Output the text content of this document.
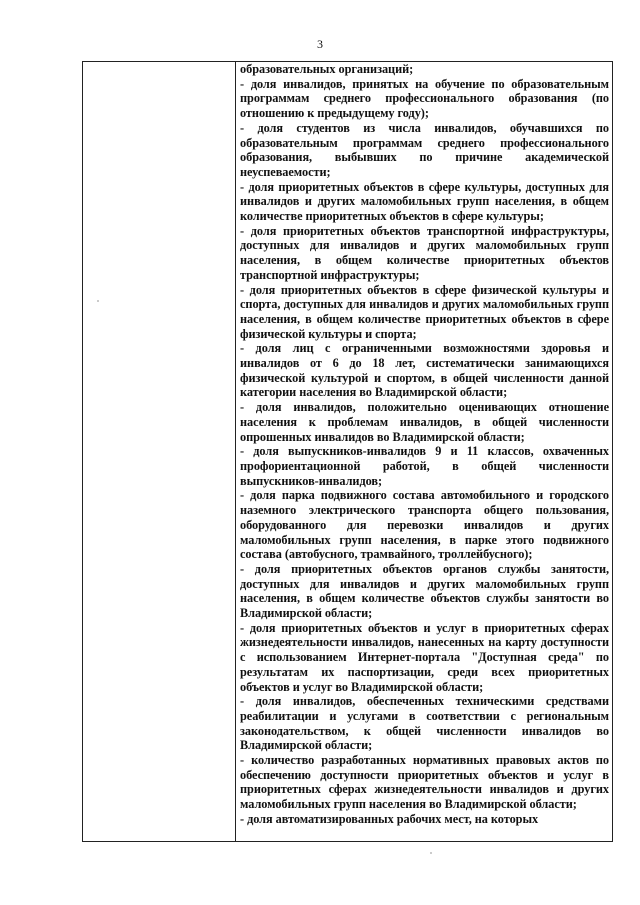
3

образовательных организаций;

- доля инвалидов, принятых на обучение по образовательным программам среднего профессионального образования (по отношению к предыдущему году);

- доля студентов из числа инвалидов, обучавшихся по образовательным программам среднего профессионального образования, выбывших по причине академической неуспеваемости;

- доля приоритетных объектов в сфере культуры, доступных для инвалидов и других маломобильных групп населения, в общем количестве приоритетных объектов в сфере культуры;

- доля приоритетных объектов транспортной инфраструктуры, доступных для инвалидов и других маломобильных групп населения, в общем количестве приоритетных объектов транспортной инфраструктуры;

- доля приоритетных объектов в сфере физической культуры и спорта, доступных для инвалидов и других маломобильных групп населения, в общем количестве приоритетных объектов в сфере физической культуры и спорта;

- доля лиц с ограниченными возможностями здоровья и инвалидов от 6 до 18 лет, систематически занимающихся физической культурой и спортом, в общей численности данной категории населения во Владимирской области;

- доля инвалидов, положительно оценивающих отношение населения к проблемам инвалидов, в общей численности опрошенных инвалидов во Владимирской области;

- доля выпускников-инвалидов 9 и 11 классов, охваченных профориентационной работой, в общей численности выпускников-инвалидов;

- доля парка подвижного состава автомобильного и городского наземного электрического транспорта общего пользования, оборудованного для перевозки инвалидов и других маломобильных групп населения, в парке этого подвижного состава (автобусного, трамвайного, троллейбусного);

- доля приоритетных объектов органов службы занятости, доступных для инвалидов и других маломобильных групп населения, в общем количестве объектов службы занятости во Владимирской области;

- доля приоритетных объектов и услуг в приоритетных сферах жизнедеятельности инвалидов, нанесенных на карту доступности с использованием Интернет-портала "Доступная среда" по результатам их паспортизации, среди всех приоритетных объектов и услуг во Владимирской области;

- доля инвалидов, обеспеченных техническими средствами реабилитации и услугами в соответствии с региональным законодательством, к общей численности инвалидов во Владимирской области;

- количество разработанных нормативных правовых актов по обеспечению доступности приоритетных объектов и услуг в приоритетных сферах жизнедеятельности инвалидов и других маломобильных групп населения во Владимирской области;

- доля автоматизированных рабочих мест, на которых
